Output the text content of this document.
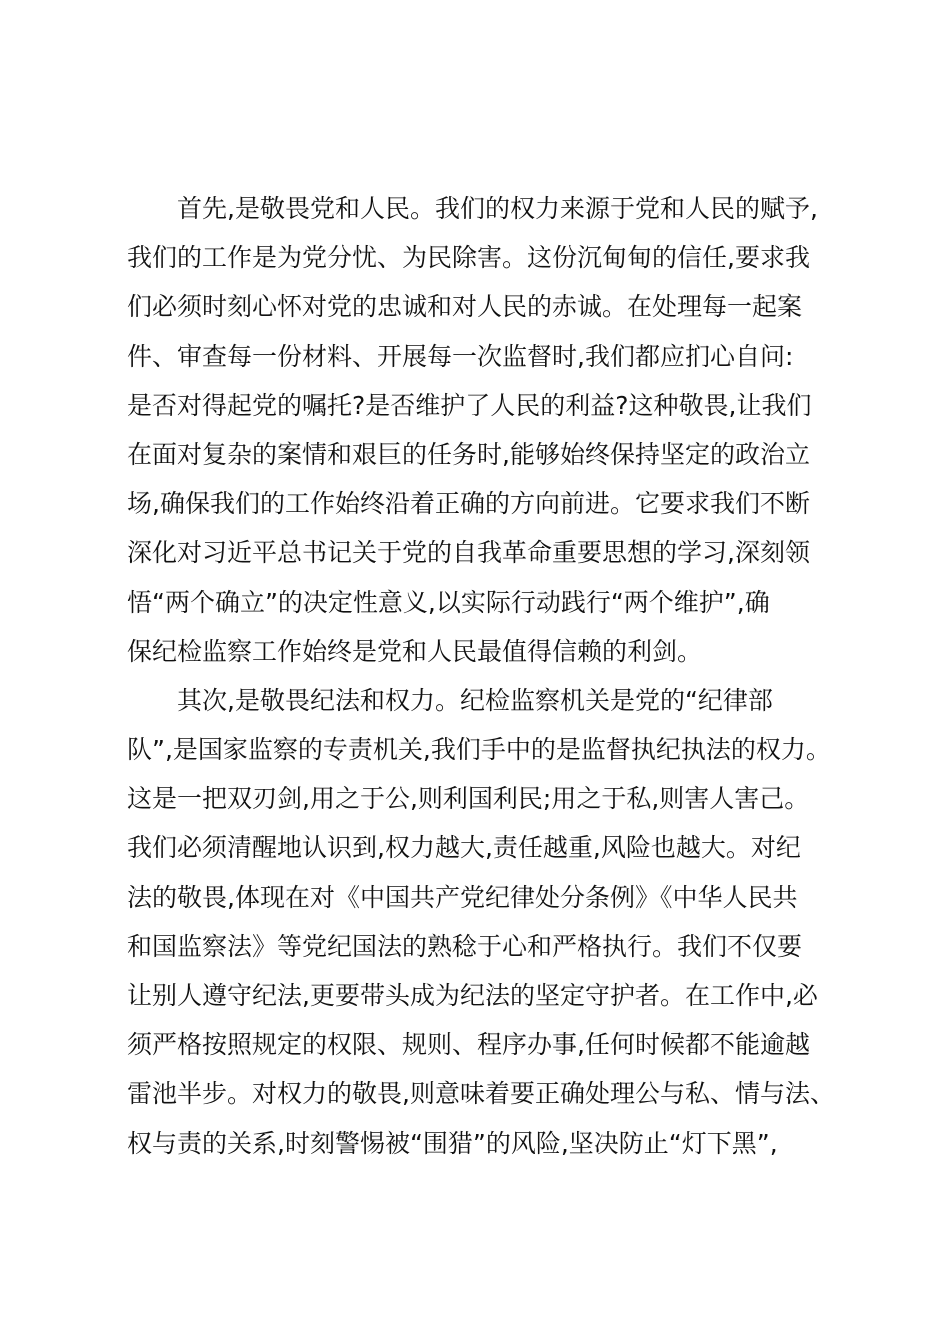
首先,是敬畏党和人民。我们的权力来源于党和人民的赋予,
我们的工作是为党分忧、为民除害。这份沉甸甸的信任,要求我
们必须时刻心怀对党的忠诚和对人民的赤诚。在处理每一起案
件、审查每一份材料、开展每一次监督时,我们都应扪心自问:
是否对得起党的嘱托?是否维护了人民的利益?这种敬畏,让我们
在面对复杂的案情和艰巨的任务时,能够始终保持坚定的政治立
场,确保我们的工作始终沿着正确的方向前进。它要求我们不断
深化对习近平总书记关于党的自我革命重要思想的学习,深刻领
悟“两个确立”的决定性意义,以实际行动践行“两个维护”,确
保纪检监察工作始终是党和人民最值得信赖的利剑。
其次,是敬畏纪法和权力。纪检监察机关是党的“纪律部
队”,是国家监察的专责机关,我们手中的是监督执纪执法的权力。
这是一把双刃剑,用之于公,则利国利民;用之于私,则害人害己。
我们必须清醒地认识到,权力越大,责任越重,风险也越大。对纪
法的敬畏,体现在对《中国共产党纪律处分条例》《中华人民共
和国监察法》等党纪国法的熟稔于心和严格执行。我们不仅要
让别人遵守纪法,更要带头成为纪法的坚定守护者。在工作中,必
须严格按照规定的权限、规则、程序办事,任何时候都不能逾越
雷池半步。对权力的敬畏,则意味着要正确处理公与私、情与法、
权与责的关系,时刻警惕被“围猎”的风险,坚决防止“灯下黑”,
